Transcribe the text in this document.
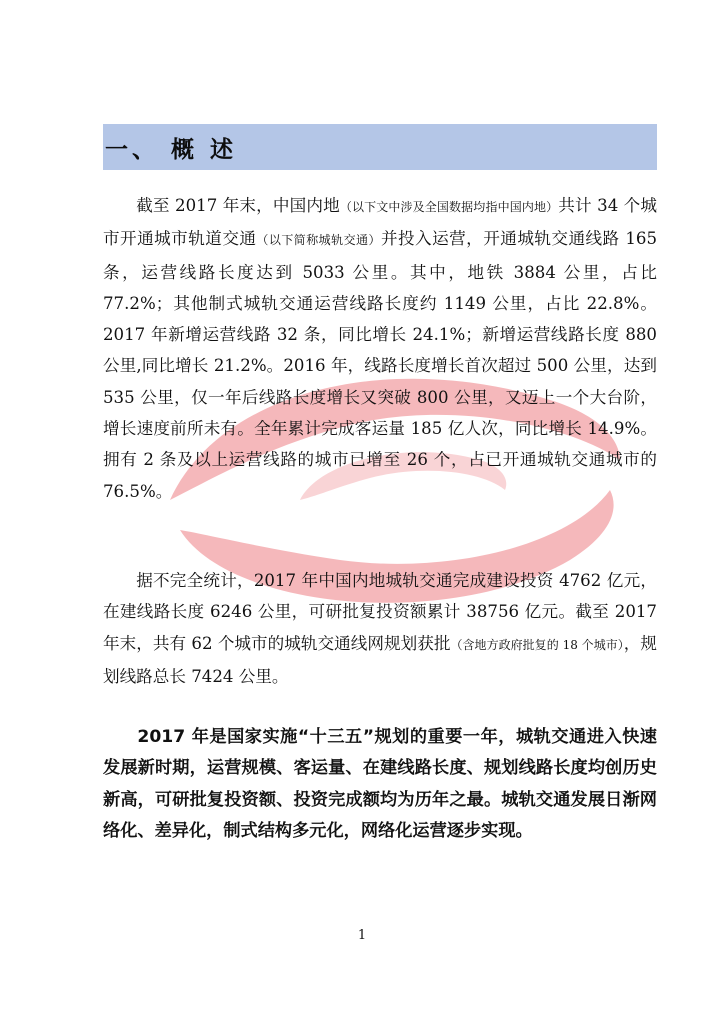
一、 概 述

截至 2017 年末，中国内地（以下文中涉及全国数据均指中国内地）共计 34 个城市开通城市轨道交通（以下简称城轨交通）并投入运营，开通城轨交通线路 165 条，运营线路长度达到 5033 公里。其中，地铁 3884 公里，占比 77.2%；其他制式城轨交通运营线路长度约 1149 公里，占比 22.8%。2017 年新增运营线路 32 条，同比增长 24.1%；新增运营线路长度 880 公里,同比增长 21.2%。2016 年，线路长度增长首次超过 500 公里，达到 535 公里，仅一年后线路长度增长又突破 800 公里，又迈上一个大台阶，增长速度前所未有。全年累计完成客运量 185 亿人次，同比增长 14.9%。拥有 2 条及以上运营线路的城市已增至 26 个，占已开通城轨交通城市的 76.5%。

据不完全统计，2017 年中国内地城轨交通完成建设投资 4762 亿元，在建线路长度 6246 公里，可研批复投资额累计 38756 亿元。截至 2017 年末，共有 62 个城市的城轨交通线网规划获批（含地方政府批复的 18 个城市），规划线路总长 7424 公里。

2017 年是国家实施“十三五”规划的重要一年，城轨交通进入快速发展新时期，运营规模、客运量、在建线路长度、规划线路长度均创历史新高，可研批复投资额、投资完成额均为历年之最。城轨交通发展日渐网络化、差异化，制式结构多元化，网络化运营逐步实现。

1
